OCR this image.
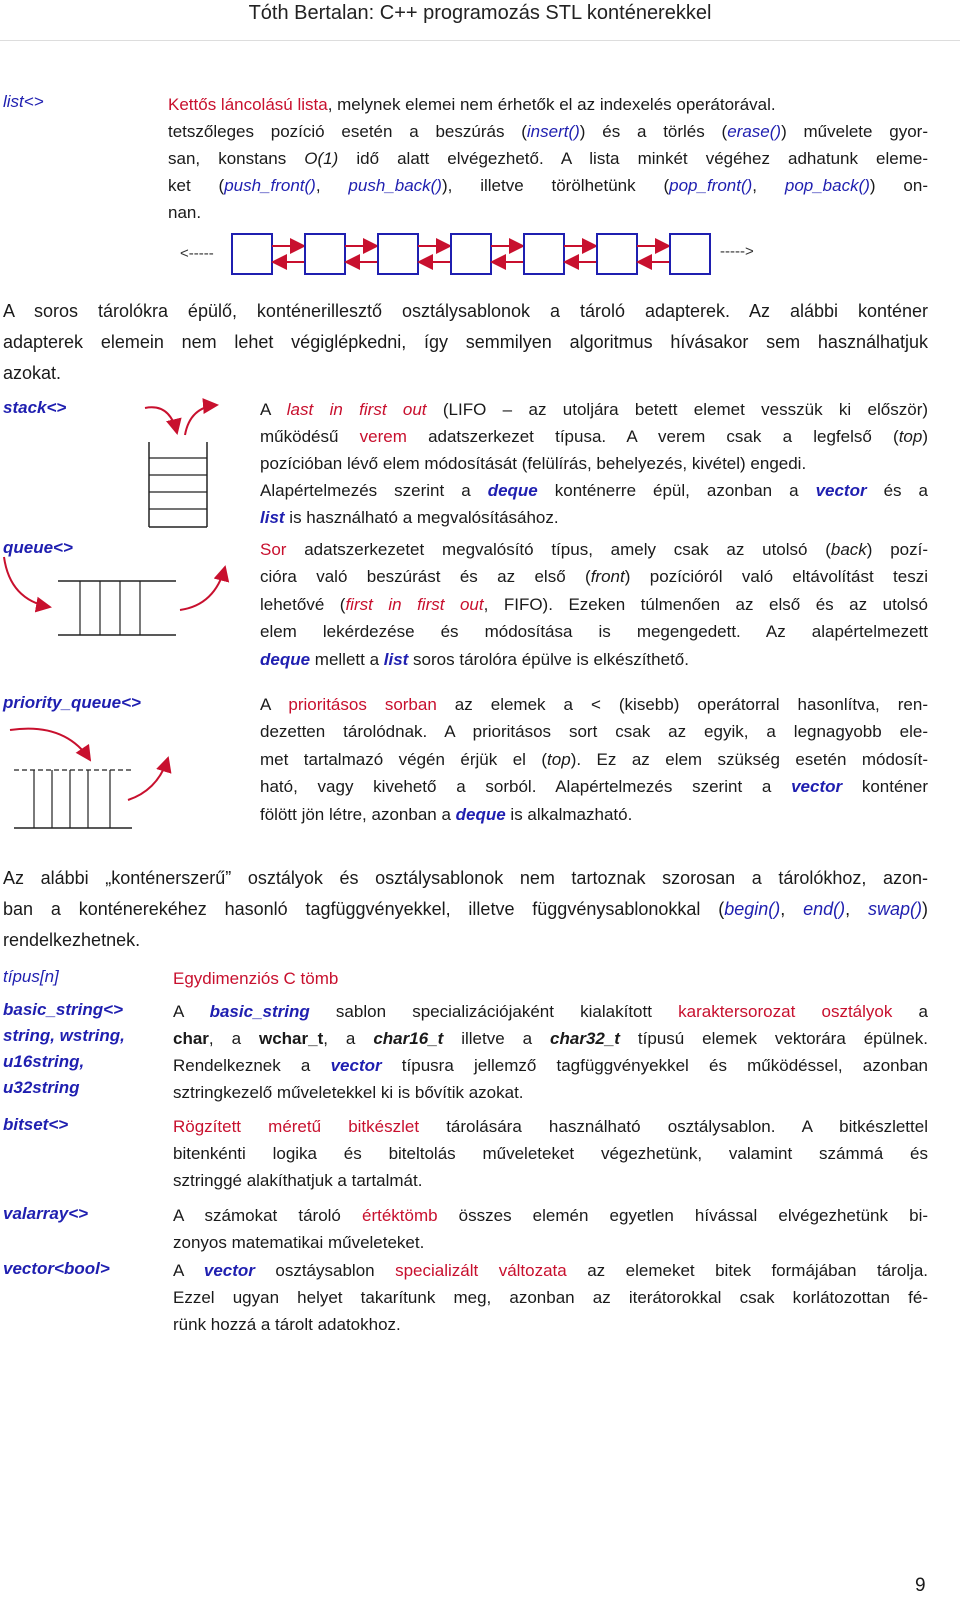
Tóth Bertalan: C++ programozás STL konténerekkel
list<>	Kettős láncolású lista, melynek elemei nem érhetők el az indexelés operátorával.
tetszőleges pozíció esetén a beszúrás (insert()) és a törlés (erase()) művelete gyor-
san, konstans O(1) idő alatt elvégezhető. A lista minkét végéhez adhatunk eleme-
ket (push_front(), push_back()), illetve törölhetünk (pop_front(), pop_back()) on-
nan.
<-----	----->
A soros tárolókra épülő, konténerillesztő osztálysablonok a tároló adapterek. Az alábbi konténer
adapterek elemein nem lehet végiglépkedni, így semmilyen algoritmus hívásakor sem használhatjuk
azokat.
stack<>	A last in first out (LIFO – az utoljára betett elemet vesszük ki először)
működésű verem adatszerkezet típusa. A verem csak a legfelső (top)
pozícióban lévő elem módosítását (felülírás, behelyezés, kivétel) engedi.
Alapértelmezés szerint a deque konténerre épül, azonban a vector és a
list is használható a megvalósításához.
queue<>	Sor adatszerkezetet megvalósító típus, amely csak az utolsó (back) pozí-
cióra való beszúrást és az első (front) pozícióról való eltávolítást teszi
lehetővé (first in first out, FIFO). Ezeken túlmenően az első és az utolsó
elem lekérdezése és módosítása is megengedett. Az alapértelmezett
deque mellett a list soros tárolóra épülve is elkészíthető.
priority_queue<>	A prioritásos sorban az elemek a < (kisebb) operátorral hasonlítva, ren-
dezetten tárolódnak. A prioritásos sort csak az egyik, a legnagyobb ele-
met tartalmazó végén érjük el (top). Ez az elem szükség esetén módosít-
ható, vagy kivehető a sorból. Alapértelmezés szerint a vector konténer
fölött jön létre, azonban a deque is alkalmazható.
Az alábbi „konténerszerű” osztályok és osztálysablonok nem tartoznak szorosan a tárolókhoz, azon-
ban a konténerekéhez hasonló tagfüggvényekkel, illetve függvénysablonokkal (begin(), end(), swap())
rendelkezhetnek.
típus[n]	Egydimenziós C tömb
basic_string<>
string, wstring,
u16string,
u32string
A basic_string sablon specializációjaként kialakított karaktersorozat osztályok a
char, a wchar_t, a char16_t illetve a char32_t típusú elemek vektorára épülnek.
Rendelkeznek a vector típusra jellemző tagfüggvényekkel és működéssel, azonban
sztringkezelő műveletekkel ki is bővítik azokat.
bitset<>	Rögzített méretű bitkészlet tárolására használható osztálysablon. A bitkészlettel
bitenkénti logika és biteltolás műveleteket végezhetünk, valamint számmá és
sztringgé alakíthatjuk a tartalmát.
valarray<>	A számokat tároló értéktömb összes elemén egyetlen hívással elvégezhetünk bi-
zonyos matematikai műveleteket.
vector<bool>	A vector osztáysablon specializált változata az elemeket bitek formájában tárolja.
Ezzel ugyan helyet takarítunk meg, azonban az iterátorokkal csak korlátozottan fé-
rünk hozzá a tárolt adatokhoz.
9
